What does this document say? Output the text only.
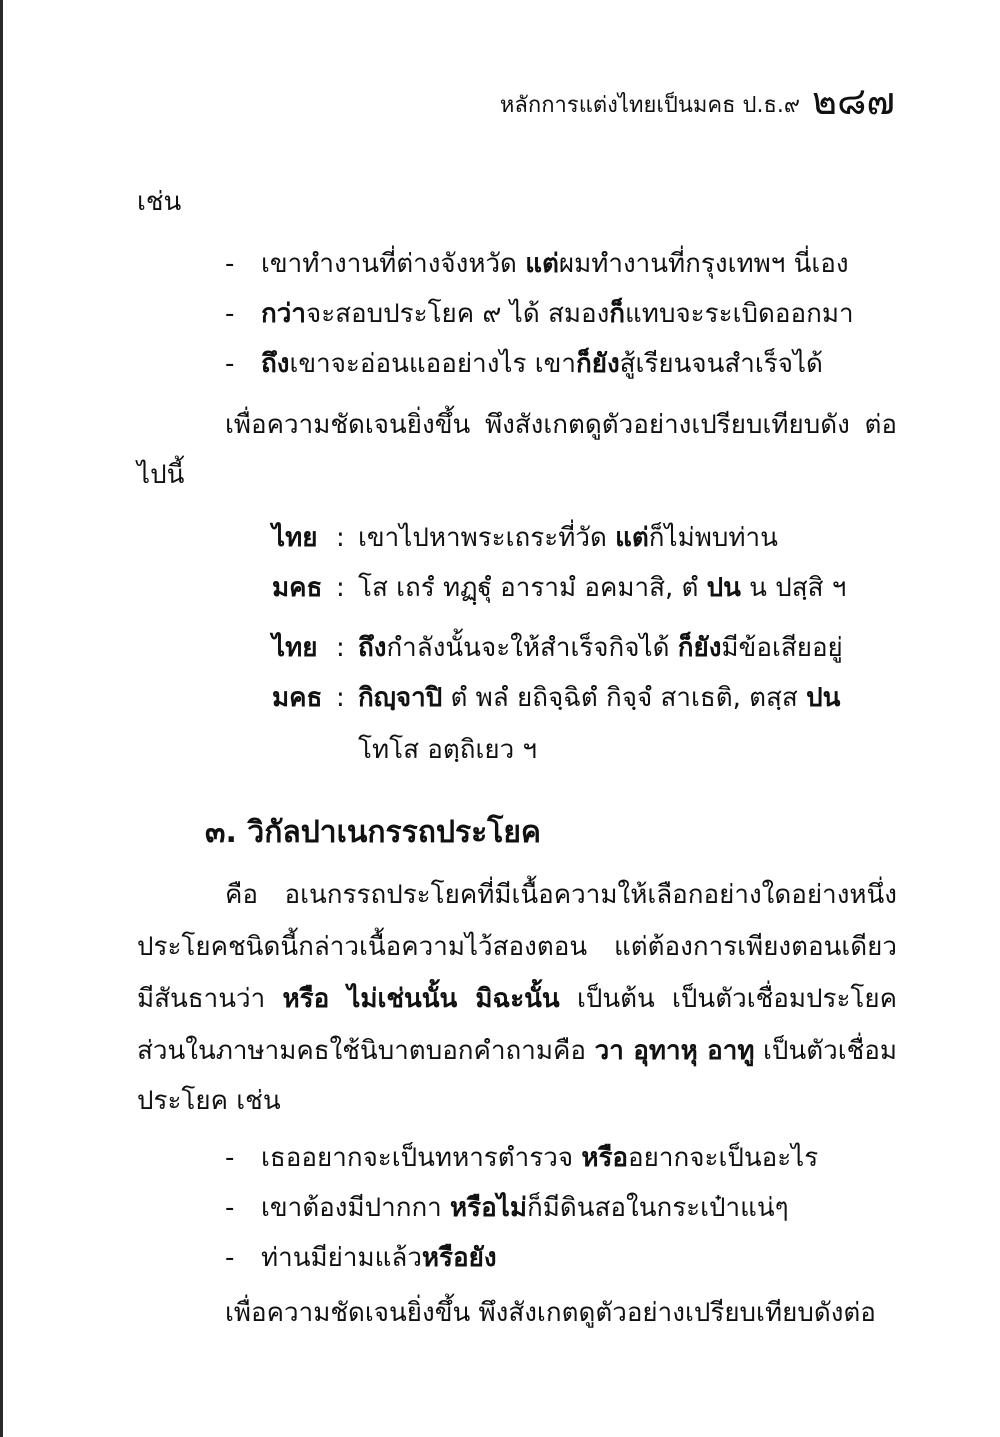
หลักการแต่งไทยเป็นมคธ ป.ธ.๙ ๒๘๗
เช่น
- เขาทำงานที่ต่างจังหวัด แต่ผมทำงานที่กรุงเทพฯ นี่เอง
- กว่าจะสอบประโยค ๙ ได้ สมองก็แทบจะระเบิดออกมา
- ถึงเขาจะอ่อนแออย่างไร เขาก็ยังสู้เรียนจนสำเร็จได้
เพื่อความชัดเจนยิ่งขึ้น พึงสังเกตดูตัวอย่างเปรียบเทียบดัง ต่อ
ไปนี้
ไทย : เขาไปหาพระเถระที่วัด แต่ก็ไม่พบท่าน
มคธ : โส เถรํ ทฏฺฐุํ อารามํ อคมาสิ, ตํ ปน น ปสฺสิ ฯ
ไทย : ถึงกำลังนั้นจะให้สำเร็จกิจได้ ก็ยังมีข้อเสียอยู่
มคธ : กิญฺจาปิ ตํ พลํ ยถิจฺฉิตํ กิจฺจํ สาเธติ, ตสฺส ปน
โทโส อตฺถิเยว ฯ
๓. วิกัลปาเนกรรถประโยค
คือ อเนกรรถประโยคที่มีเนื้อความให้เลือกอย่างใดอย่างหนึ่ง
ประโยคชนิดนี้กล่าวเนื้อความไว้สองตอน แต่ต้องการเพียงตอนเดียว
มีสันธานว่า หรือ ไม่เช่นนั้น มิฉะนั้น เป็นต้น เป็นตัวเชื่อมประโยค
ส่วนในภาษามคธใช้นิบาตบอกคำถามคือ วา อุทาหุ อาทู เป็นตัวเชื่อม
ประโยค เช่น
- เธออยากจะเป็นทหารตำรวจ หรืออยากจะเป็นอะไร
- เขาต้องมีปากกา หรือไม่ก็มีดินสอในกระเป๋าแน่ๆ
- ท่านมีย่ามแล้วหรือยัง
เพื่อความชัดเจนยิ่งขึ้น พึงสังเกตดูตัวอย่างเปรียบเทียบดังต่อ
